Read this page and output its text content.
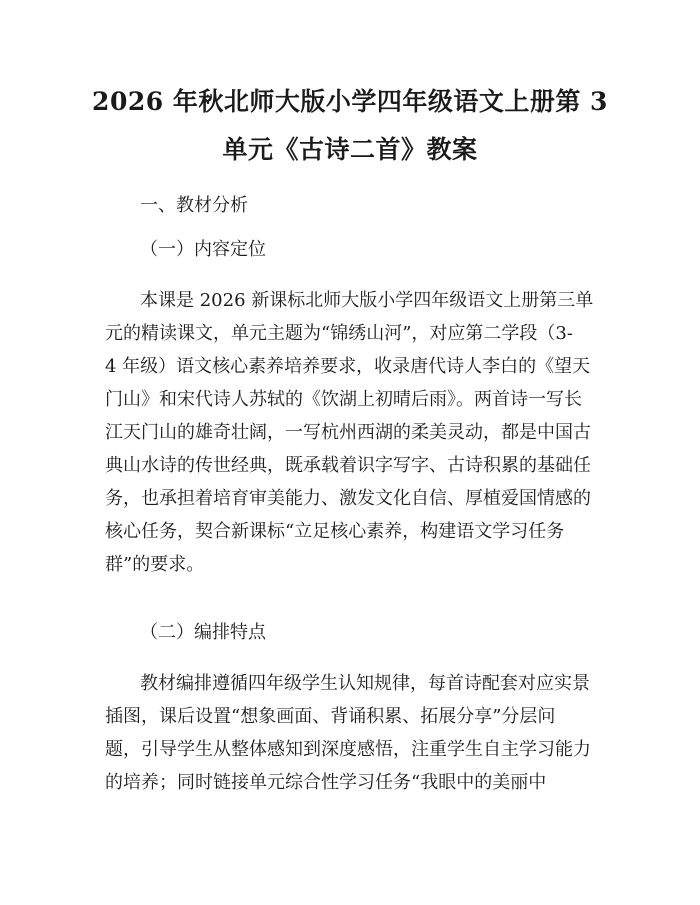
2026 年秋北师大版小学四年级语文上册第 3
单元《古诗二首》教案
一、教材分析
（一）内容定位
本课是 2026 新课标北师大版小学四年级语文上册第三单
元的精读课文，单元主题为“锦绣山河”，对应第二学段（3-
4 年级）语文核心素养培养要求，收录唐代诗人李白的《望天
门山》和宋代诗人苏轼的《饮湖上初晴后雨》。两首诗一写长
江天门山的雄奇壮阔，一写杭州西湖的柔美灵动，都是中国古
典山水诗的传世经典，既承载着识字写字、古诗积累的基础任
务，也承担着培育审美能力、激发文化自信、厚植爱国情感的
核心任务，契合新课标“立足核心素养，构建语文学习任务
群”的要求。
（二）编排特点
教材编排遵循四年级学生认知规律，每首诗配套对应实景
插图，课后设置“想象画面、背诵积累、拓展分享”分层问
题，引导学生从整体感知到深度感悟，注重学生自主学习能力
的培养；同时链接单元综合性学习任务“我眼中的美丽中
